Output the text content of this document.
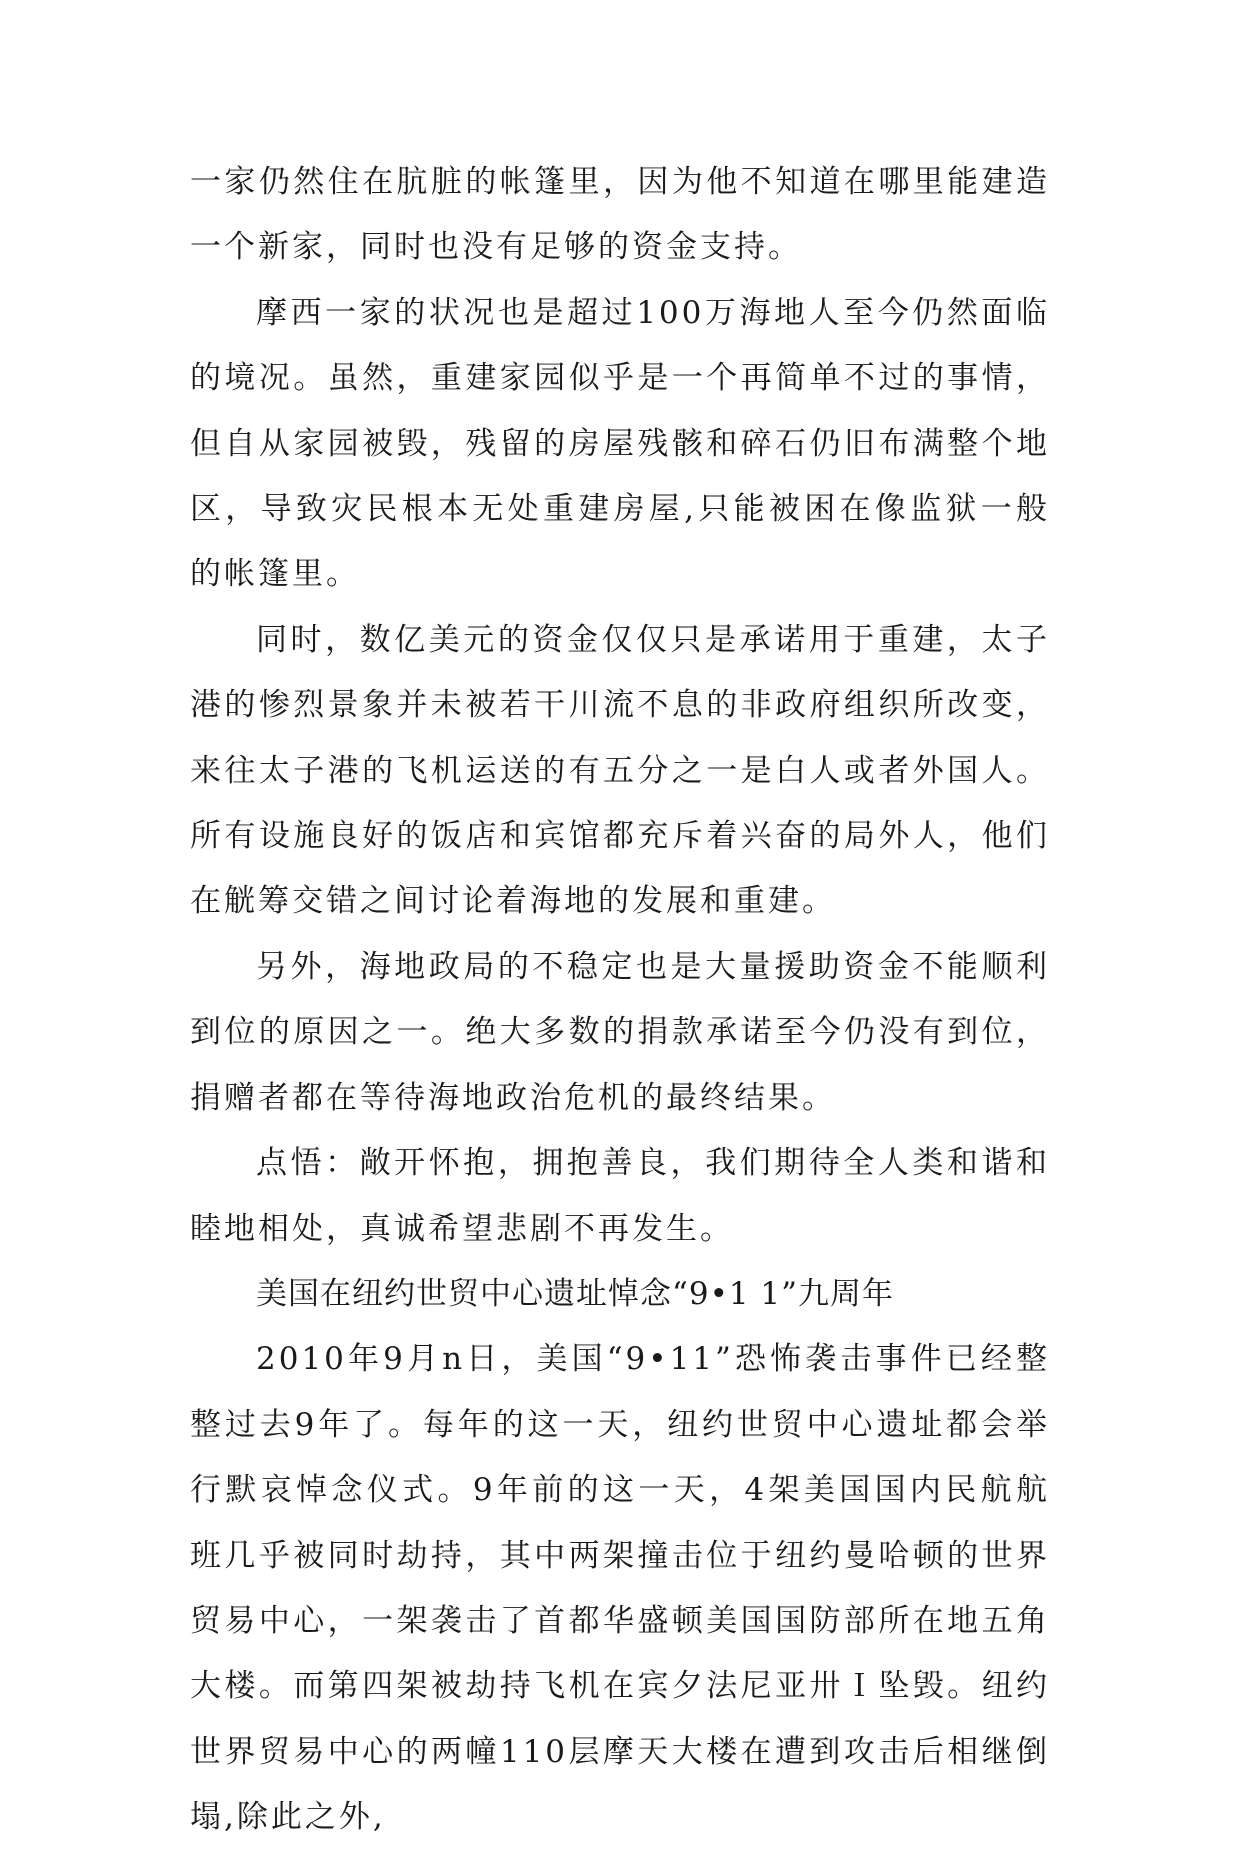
一家仍然住在肮脏的帐篷里，因为他不知道在哪里能建造一个新家，同时也没有足够的资金支持。

摩西一家的状况也是超过100万海地人至今仍然面临的境况。虽然，重建家园似乎是一个再简单不过的事情，但自从家园被毁，残留的房屋残骸和碎石仍旧布满整个地区，导致灾民根本无处重建房屋,只能被困在像监狱一般的帐篷里。

同时，数亿美元的资金仅仅只是承诺用于重建，太子港的惨烈景象并未被若干川流不息的非政府组织所改变，来往太子港的飞机运送的有五分之一是白人或者外国人。所有设施良好的饭店和宾馆都充斥着兴奋的局外人，他们在觥筹交错之间讨论着海地的发展和重建。

另外，海地政局的不稳定也是大量援助资金不能顺利到位的原因之一。绝大多数的捐款承诺至今仍没有到位，捐赠者都在等待海地政治危机的最终结果。

点悟：敞开怀抱，拥抱善良，我们期待全人类和谐和睦地相处，真诚希望悲剧不再发生。

美国在纽约世贸中心遗址悼念“9•1 1”九周年

2010年9月n日，美国“9•11”恐怖袭击事件已经整整过去9年了。每年的这一天，纽约世贸中心遗址都会举行默哀悼念仪式。9年前的这一天，4架美国国内民航航班几乎被同时劫持，其中两架撞击位于纽约曼哈顿的世界贸易中心，一架袭击了首都华盛顿美国国防部所在地五角大楼。而第四架被劫持飞机在宾夕法尼亚卅Ｉ坠毁。纽约世界贸易中心的两幢110层摩天大楼在遭到攻击后相继倒塌,除此之外,
